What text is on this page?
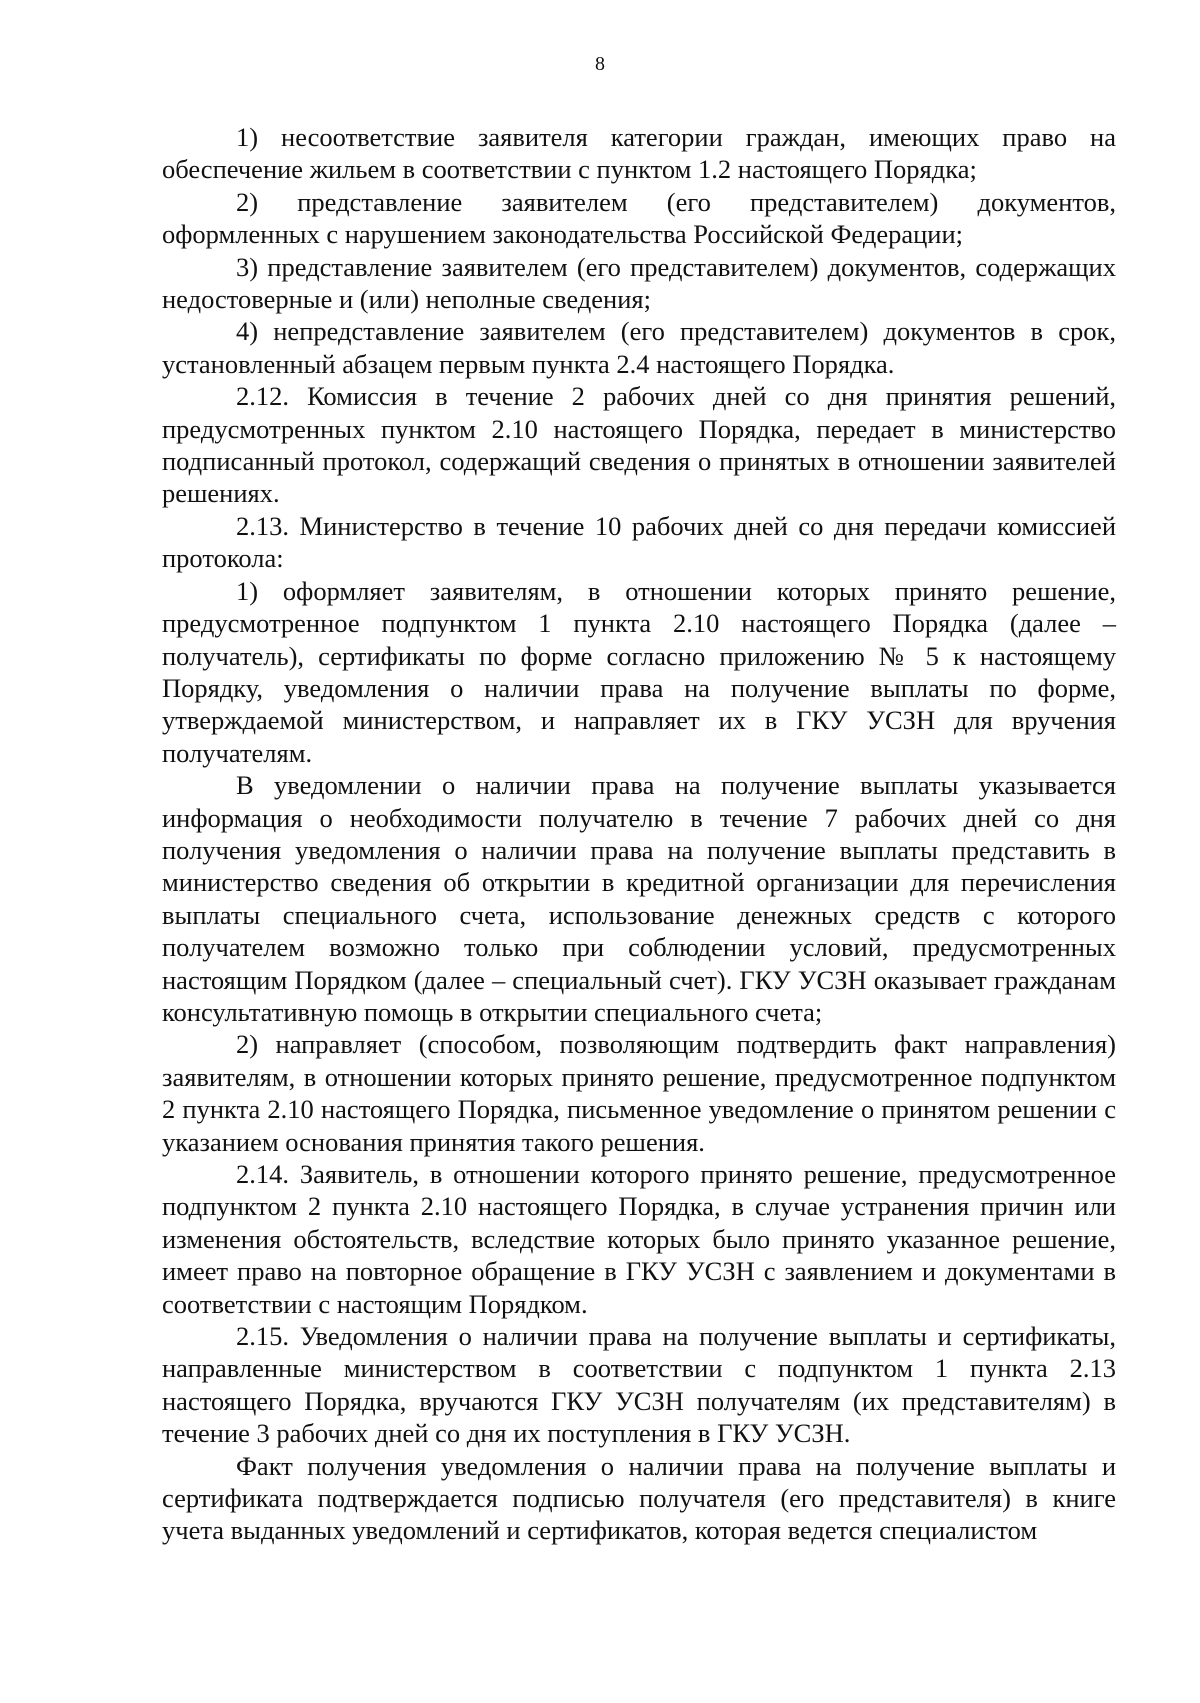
8

1) несоответствие заявителя категории граждан, имеющих право на обеспечение жильем в соответствии с пунктом 1.2 настоящего Порядка;

2) представление заявителем (его представителем) документов, оформленных с нарушением законодательства Российской Федерации;

3) представление заявителем (его представителем) документов, содержащих недостоверные и (или) неполные сведения;

4) непредставление заявителем (его представителем) документов в срок, установленный абзацем первым пункта 2.4 настоящего Порядка.

2.12. Комиссия в течение 2 рабочих дней со дня принятия решений, предусмотренных пунктом 2.10 настоящего Порядка, передает в министерство подписанный протокол, содержащий сведения о принятых в отношении заявителей решениях.

2.13. Министерство в течение 10 рабочих дней со дня передачи комиссией протокола:

1) оформляет заявителям, в отношении которых принято решение, предусмотренное подпунктом 1 пункта 2.10 настоящего Порядка (далее – получатель), сертификаты по форме согласно приложению № 5 к настоящему Порядку, уведомления о наличии права на получение выплаты по форме, утверждаемой министерством, и направляет их в ГКУ УСЗН для вручения получателям.

В уведомлении о наличии права на получение выплаты указывается информация о необходимости получателю в течение 7 рабочих дней со дня получения уведомления о наличии права на получение выплаты представить в министерство сведения об открытии в кредитной организации для перечисления выплаты специального счета, использование денежных средств с которого получателем возможно только при соблюдении условий, предусмотренных настоящим Порядком (далее – специальный счет). ГКУ УСЗН оказывает гражданам консультативную помощь в открытии специального счета;

2) направляет (способом, позволяющим подтвердить факт направления) заявителям, в отношении которых принято решение, предусмотренное подпунктом 2 пункта 2.10 настоящего Порядка, письменное уведомление о принятом решении с указанием основания принятия такого решения.

2.14. Заявитель, в отношении которого принято решение, предусмотренное подпунктом 2 пункта 2.10 настоящего Порядка, в случае устранения причин или изменения обстоятельств, вследствие которых было принято указанное решение, имеет право на повторное обращение в ГКУ УСЗН с заявлением и документами в соответствии с настоящим Порядком.

2.15. Уведомления о наличии права на получение выплаты и сертификаты, направленные министерством в соответствии с подпунктом 1 пункта 2.13 настоящего Порядка, вручаются ГКУ УСЗН получателям (их представителям) в течение 3 рабочих дней со дня их поступления в ГКУ УСЗН.

Факт получения уведомления о наличии права на получение выплаты и сертификата подтверждается подписью получателя (его представителя) в книге учета выданных уведомлений и сертификатов, которая ведется специалистом
